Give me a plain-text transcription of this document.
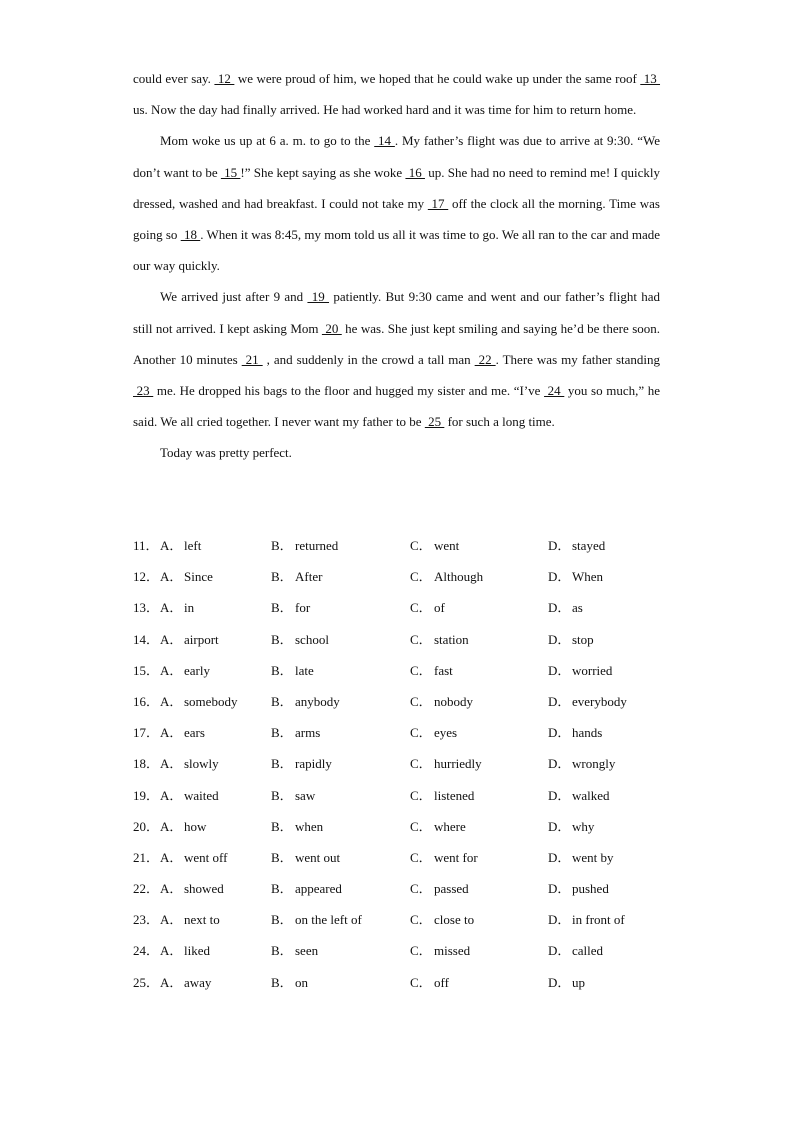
could ever say.  12  we were proud of him, we hoped that he could wake up under the same roof  13  us. Now the day had finally arrived. He had worked hard and it was time for him to return home.

Mom woke us up at 6 a. m. to go to the  14 . My father’s flight was due to arrive at 9:30. “We don’t want to be  15 !” She kept saying as she woke  16  up. She had no need to remind me! I quickly dressed, washed and had breakfast. I could not take my  17  off the clock all the morning. Time was going so  18 . When it was 8:45, my mom told us all it was time to go. We all ran to the car and made our way quickly.

We arrived just after 9 and  19  patiently. But 9:30 came and went and our father’s flight had still not arrived. I kept asking Mom  20  he was. She just kept smiling and saying he’d be there soon. Another 10 minutes  21  , and suddenly in the crowd a tall man  22 . There was my father standing  23  me. He dropped his bags to the floor and hugged my sister and me. “I’ve  24  you so much,” he said. We all cried together. I never want my father to be  25  for such a long time.

Today was pretty perfect.

11． A． left	B． returned	C． went	D． stayed
12． A． Since	B． After	C． Although	D． When
13． A． in	B． for	C． of	D． as
14． A． airport	B． school	C． station	D． stop
15． A． early	B． late	C． fast	D． worried
16． A． somebody	B． anybody	C． nobody	D． everybody
17． A． ears	B． arms	C． eyes	D． hands
18． A． slowly	B． rapidly	C． hurriedly	D． wrongly
19． A． waited	B． saw	C． listened	D． walked
20． A． how	B． when	C． where	D． why
21． A． went off	B． went out	C． went for	D． went by
22． A． showed	B． appeared	C． passed	D． pushed
23． A． next to	B． on the left of	C． close to	D． in front of
24． A． liked	B． seen	C． missed	D． called
25． A． away	B． on	C． off	D． up
